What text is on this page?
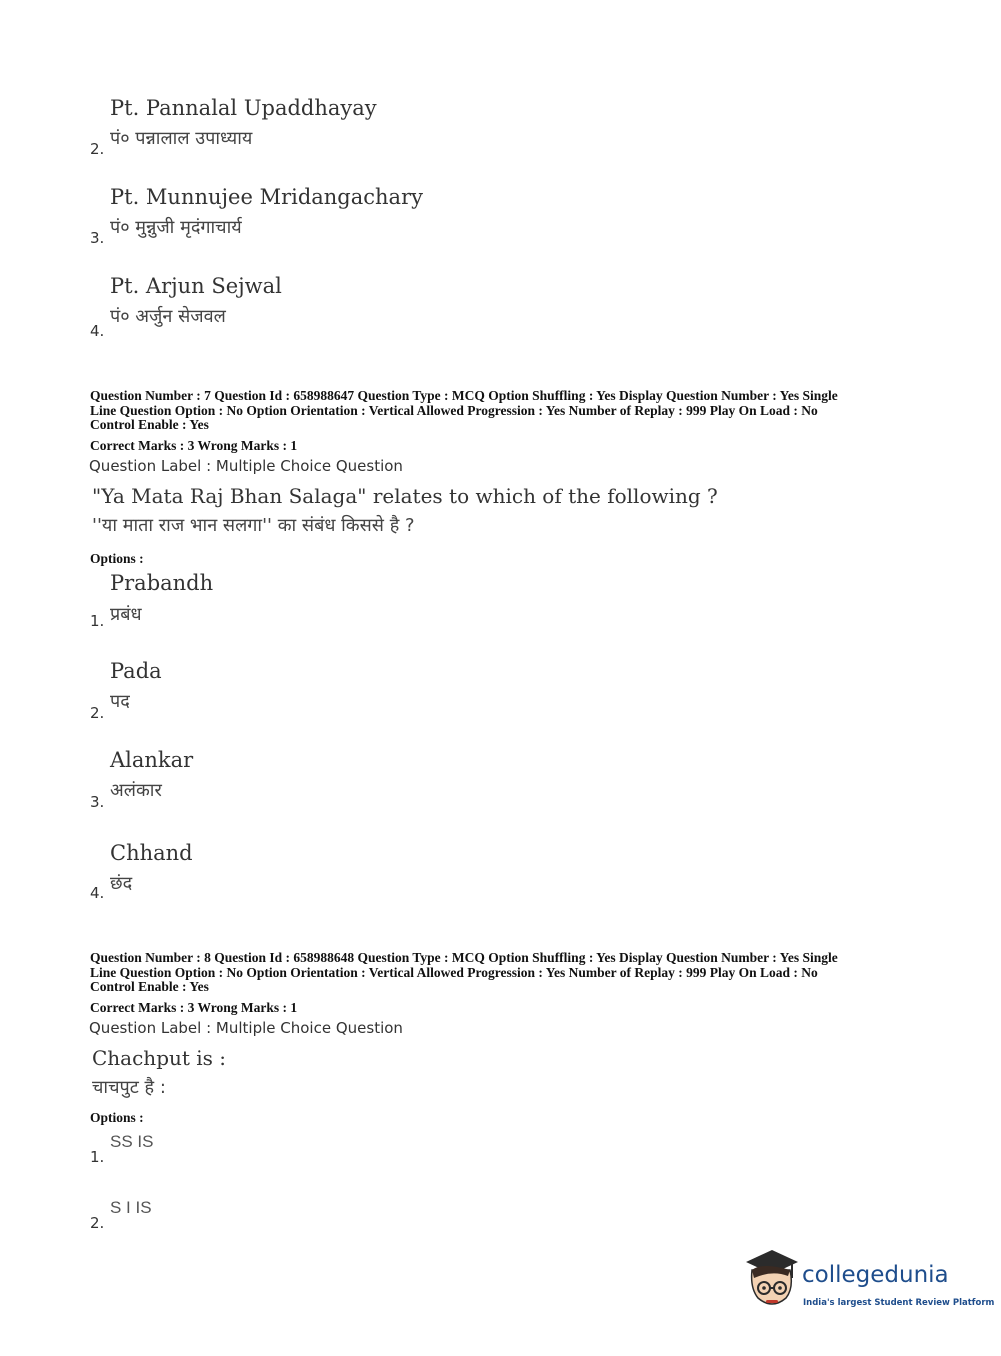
Pt. Pannalal Upaddhayay
पं० पन्नालाल उपाध्याय
2.
Pt. Munnujee Mridangachary
पं० मुन्नुजी मृदंगाचार्य
3.
Pt. Arjun Sejwal
पं० अर्जुन सेजवल
4.
Question Number : 7 Question Id : 658988647 Question Type : MCQ Option Shuffling : Yes Display Question Number : Yes Single
Line Question Option : No Option Orientation : Vertical Allowed Progression : Yes Number of Replay : 999 Play On Load : No
Control Enable : Yes
Correct Marks : 3 Wrong Marks : 1
Question Label : Multiple Choice Question
"Ya Mata Raj Bhan Salaga" relates to which of the following ?
''या माता राज भान सलगा'' का संबंध किससे है ?
Options :
Prabandh
प्रबंध
1.
Pada
पद
2.
Alankar
अलंकार
3.
Chhand
छंद
4.
Question Number : 8 Question Id : 658988648 Question Type : MCQ Option Shuffling : Yes Display Question Number : Yes Single
Line Question Option : No Option Orientation : Vertical Allowed Progression : Yes Number of Replay : 999 Play On Load : No
Control Enable : Yes
Correct Marks : 3 Wrong Marks : 1
Question Label : Multiple Choice Question
Chachput is :
चाचपुट है :
Options :
SS IS
1.
S I IS
2.
collegedunia
India's largest Student Review Platform
